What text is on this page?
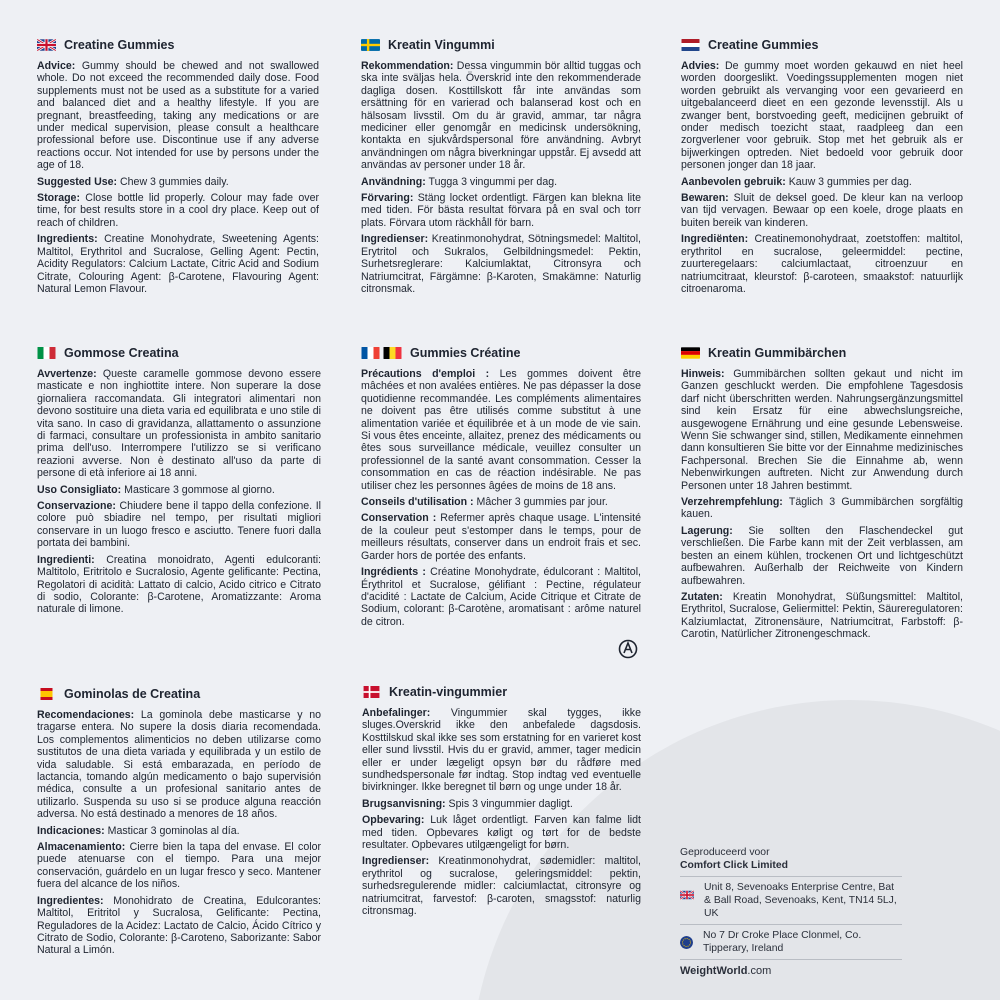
Creatine Gummies

Advice: Gummy should be chewed and not swallowed whole. Do not exceed the recommended daily dose. Food supplements must not be used as a substitute for a varied and balanced diet and a healthy lifestyle. If you are pregnant, breastfeeding, taking any medications or are under medical supervision, please consult a healthcare professional before use. Discontinue use if any adverse reactions occur. Not intended for use by persons under the age of 18.

Suggested Use: Chew 3 gummies daily.

Storage: Close bottle lid properly. Colour may fade over time, for best results store in a cool dry place. Keep out of reach of children.

Ingredients: Creatine Monohydrate, Sweetening Agents: Maltitol, Erythritol and Sucralose, Gelling Agent: Pectin, Acidity Regulators: Calcium Lactate, Citric Acid and Sodium Citrate, Colouring Agent: β-Carotene, Flavouring Agent: Natural Lemon Flavour.

Kreatin Vingummi

Rekommendation: Dessa vingummin bör alltid tuggas och ska inte sväljas hela. Överskrid inte den rekommenderade dagliga dosen. Kosttillskott får inte användas som ersättning för en varierad och balanserad kost och en hälsosam livsstil. Om du är gravid, ammar, tar några mediciner eller genomgår en medicinsk undersökning, kontakta en sjukvårdspersonal före användning. Avbryt användningen om några biverkningar uppstår. Ej avsedd att användas av personer under 18 år.

Användning: Tugga 3 vingummi per dag.

Förvaring: Stäng locket ordentligt. Färgen kan blekna lite med tiden. För bästa resultat förvara på en sval och torr plats. Förvara utom räckhåll för barn.

Ingredienser: Kreatinmonohydrat, Sötningsmedel: Maltitol, Erytritol och Sukralos, Gelbildningsmedel: Pektin, Surhetsreglerare: Kalciumlaktat, Citronsyra och Natriumcitrat, Färgämne: β-Karoten, Smakämne: Naturlig citronsmak.

Creatine Gummies

Advies: De gummy moet worden gekauwd en niet heel worden doorgeslikt. Voedingssupplementen mogen niet worden gebruikt als vervanging voor een gevarieerd en uitgebalanceerd dieet en een gezonde levensstijl. Als u zwanger bent, borstvoeding geeft, medicijnen gebruikt of onder medisch toezicht staat, raadpleeg dan een zorgverlener voor gebruik. Stop met het gebruik als er bijwerkingen optreden. Niet bedoeld voor gebruik door personen jonger dan 18 jaar.

Aanbevolen gebruik: Kauw 3 gummies per dag.

Bewaren: Sluit de deksel goed. De kleur kan na verloop van tijd vervagen. Bewaar op een koele, droge plaats en buiten bereik van kinderen.

Ingrediënten: Creatinemonohydraat, zoetstoffen: maltitol, erythritol en sucralose, geleermiddel: pectine, zuurteregelaars: calciumlactaat, citroenzuur en natriumcitraat, kleurstof: β-caroteen, smaakstof: natuurlijk citroenaroma.

Gommose Creatina

Avvertenze: Queste caramelle gommose devono essere masticate e non inghiottite intere. Non superare la dose giornaliera raccomandata. Gli integratori alimentari non devono sostituire una dieta varia ed equilibrata e uno stile di vita sano. In caso di gravidanza, allattamento o assunzione di farmaci, consultare un professionista in ambito sanitario prima dell'uso. Interrompere l'utilizzo se si verificano reazioni avverse. Non è destinato all'uso da parte di persone di età inferiore ai 18 anni.

Uso Consigliato: Masticare 3 gommose al giorno.

Conservazione: Chiudere bene il tappo della confezione. Il colore può sbiadire nel tempo, per risultati migliori conservare in un luogo fresco e asciutto. Tenere fuori dalla portata dei bambini.

Ingredienti: Creatina monoidrato, Agenti edulcoranti: Maltitolo, Eritritolo e Sucralosio, Agente gelificante: Pectina, Regolatori di acidità: Lattato di calcio, Acido citrico e Citrato di sodio, Colorante: β-Carotene, Aromatizzante: Aroma naturale di limone.

Gummies Créatine

Précautions d'emploi : Les gommes doivent être mâchées et non avalées entières. Ne pas dépasser la dose quotidienne recommandée. Les compléments alimentaires ne doivent pas être utilisés comme substitut à une alimentation variée et équilibrée et à un mode de vie sain. Si vous êtes enceinte, allaitez, prenez des médicaments ou êtes sous surveillance médicale, veuillez consulter un professionnel de la santé avant consommation. Cesser la consommation en cas de réaction indésirable. Ne pas utiliser chez les personnes âgées de moins de 18 ans.

Conseils d'utilisation : Mâcher 3 gummies par jour.

Conservation : Refermer après chaque usage. L'intensité de la couleur peut s'estomper dans le temps, pour de meilleurs résultats, conserver dans un endroit frais et sec. Garder hors de portée des enfants.

Ingrédients : Créatine Monohydrate, édulcorant : Maltitol, Érythritol et Sucralose, gélifiant : Pectine, régulateur d'acidité : Lactate de Calcium, Acide Citrique et Citrate de Sodium, colorant: β-Carotène, aromatisant : arôme naturel de citron.

Kreatin Gummibärchen

Hinweis: Gummibärchen sollten gekaut und nicht im Ganzen geschluckt werden. Die empfohlene Tagesdosis darf nicht überschritten werden. Nahrungsergänzungsmittel sind kein Ersatz für eine abwechslungsreiche, ausgewogene Ernährung und eine gesunde Lebensweise. Wenn Sie schwanger sind, stillen, Medikamente einnehmen dann konsultieren Sie bitte vor der Einnahme medizinisches Fachpersonal. Brechen Sie die Einnahme ab, wenn Nebenwirkungen auftreten. Nicht zur Anwendung durch Personen unter 18 Jahren bestimmt.

Verzehrempfehlung: Täglich 3 Gummibärchen sorgfältig kauen.

Lagerung: Sie sollten den Flaschendeckel gut verschließen. Die Farbe kann mit der Zeit verblassen, am besten an einem kühlen, trockenen Ort und lichtgeschützt aufbewahren. Außerhalb der Reichweite von Kindern aufbewahren.

Zutaten: Kreatin Monohydrat, Süßungsmittel: Maltitol, Erythritol, Sucralose, Geliermittel: Pektin, Säureregulatoren: Kalziumlactat, Zitronensäure, Natriumcitrat, Farbstoff: β-Carotin, Natürlicher Zitronengeschmack.

Gominolas de Creatina

Recomendaciones: La gominola debe masticarse y no tragarse entera. No supere la dosis diaria recomendada. Los complementos alimenticios no deben utilizarse como sustitutos de una dieta variada y equilibrada y un estilo de vida saludable. Si está embarazada, en período de lactancia, tomando algún medicamento o bajo supervisión médica, consulte a un profesional sanitario antes de utilizarlo. Suspenda su uso si se produce alguna reacción adversa. No está destinado a menores de 18 años.

Indicaciones: Masticar 3 gominolas al día.

Almacenamiento: Cierre bien la tapa del envase. El color puede atenuarse con el tiempo. Para una mejor conservación, guárdelo en un lugar fresco y seco. Mantener fuera del alcance de los niños.

Ingredientes: Monohidrato de Creatina, Edulcorantes: Maltitol, Eritritol y Sucralosa, Gelificante: Pectina, Reguladores de la Acidez: Lactato de Calcio, Ácido Cítrico y Citrato de Sodio, Colorante: β-Caroteno, Saborizante: Sabor Natural a Limón.

Kreatin-vingummier

Anbefalinger: Vingummier skal tygges, ikke sluges.Overskrid ikke den anbefalede dagsdosis. Kosttilskud skal ikke ses som erstatning for en varieret kost eller sund livsstil. Hvis du er gravid, ammer, tager medicin eller er under lægeligt opsyn bør du rådføre med sundhedspersonale før indtag. Stop indtag ved eventuelle bivirkninger. Ikke beregnet til børn og unge under 18 år.

Brugsanvisning: Spis 3 vingummier dagligt.

Opbevaring: Luk låget ordentligt. Farven kan falme lidt med tiden. Opbevares køligt og tørt for de bedste resultater. Opbevares utilgængeligt for børn.

Ingredienser: Kreatinmonohydrat, sødemidler: maltitol, erythritol og sucralose, geleringsmiddel: pektin, surhedsregulerende midler: calciumlactat, citronsyre og natriumcitrat, farvestof: β-caroten, smagsstof: naturlig citronsmag.

Geproduceerd voor
Comfort Click Limited
Unit 8, Sevenoaks Enterprise Centre, Bat & Ball Road, Sevenoaks, Kent, TN14 5LJ, UK
No 7 Dr Croke Place Clonmel, Co. Tipperary, Ireland
WeightWorld.com
